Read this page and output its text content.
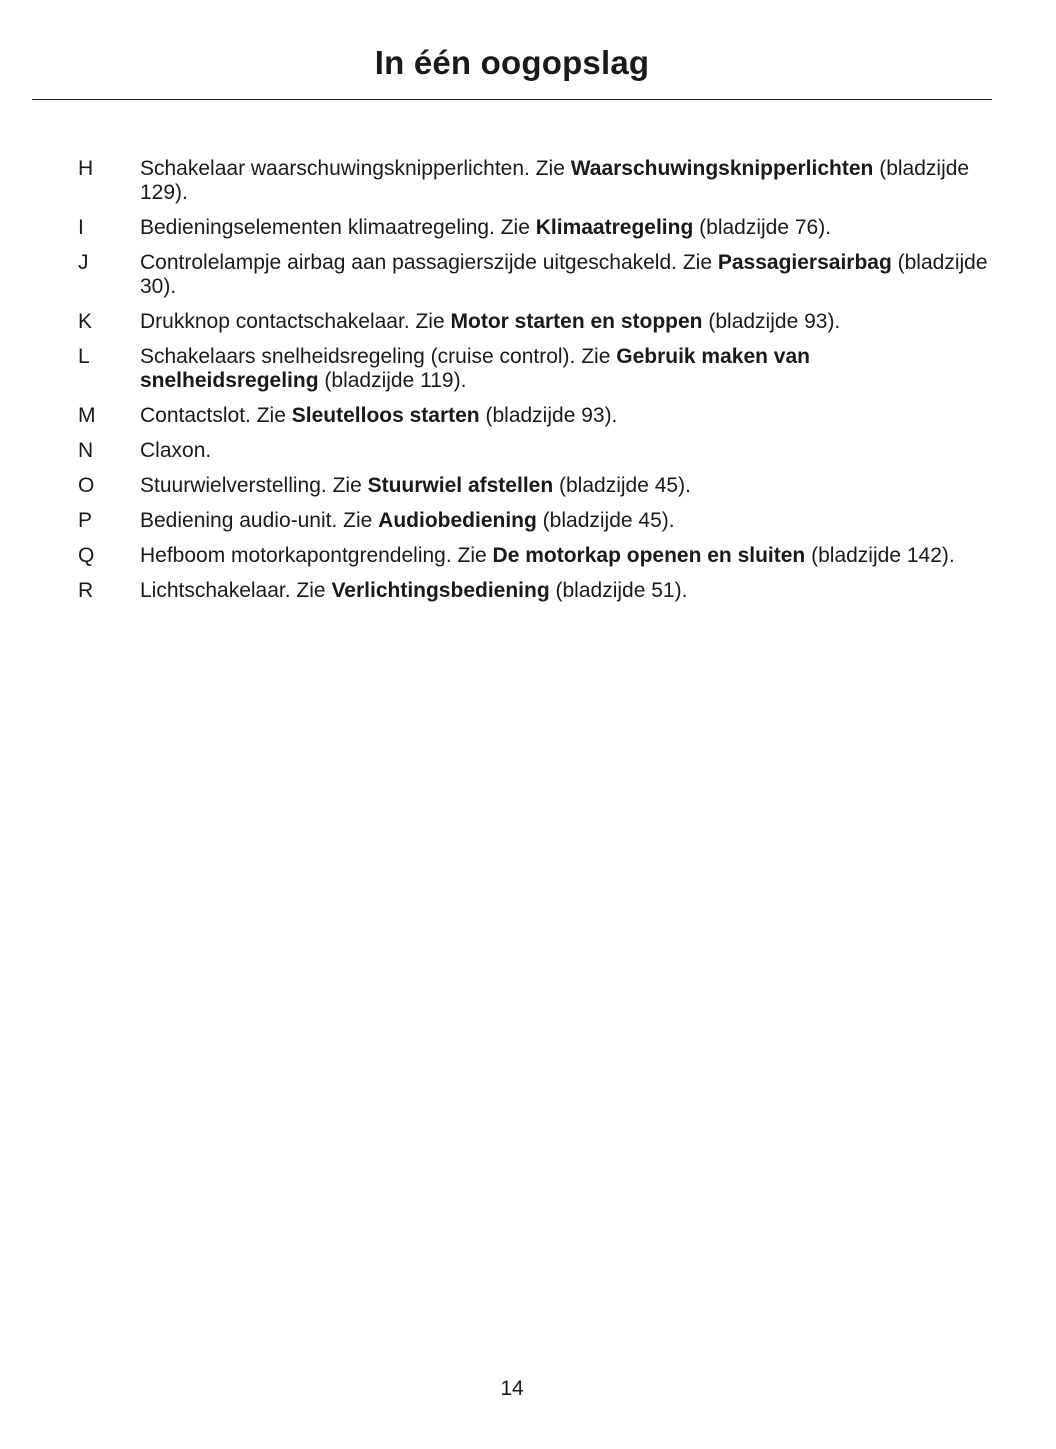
In één oogopslag
H	Schakelaar waarschuwingsknipperlichten. Zie Waarschuwingsknipperlichten (bladzijde 129).
I	Bedieningselementen klimaatregeling. Zie Klimaatregeling (bladzijde 76).
J	Controlelampje airbag aan passagierszijde uitgeschakeld. Zie Passagiersairbag (bladzijde 30).
K	Drukknop contactschakelaar. Zie Motor starten en stoppen (bladzijde 93).
L	Schakelaars snelheidsregeling (cruise control). Zie Gebruik maken van snelheidsregeling (bladzijde 119).
M	Contactslot. Zie Sleutelloos starten (bladzijde 93).
N	Claxon.
O	Stuurwielverstelling. Zie Stuurwiel afstellen (bladzijde 45).
P	Bediening audio-unit. Zie Audiobediening (bladzijde 45).
Q	Hefboom motorkapontgrendeling. Zie De motorkap openen en sluiten (bladzijde 142).
R	Lichtschakelaar. Zie Verlichtingsbediening (bladzijde 51).
14
